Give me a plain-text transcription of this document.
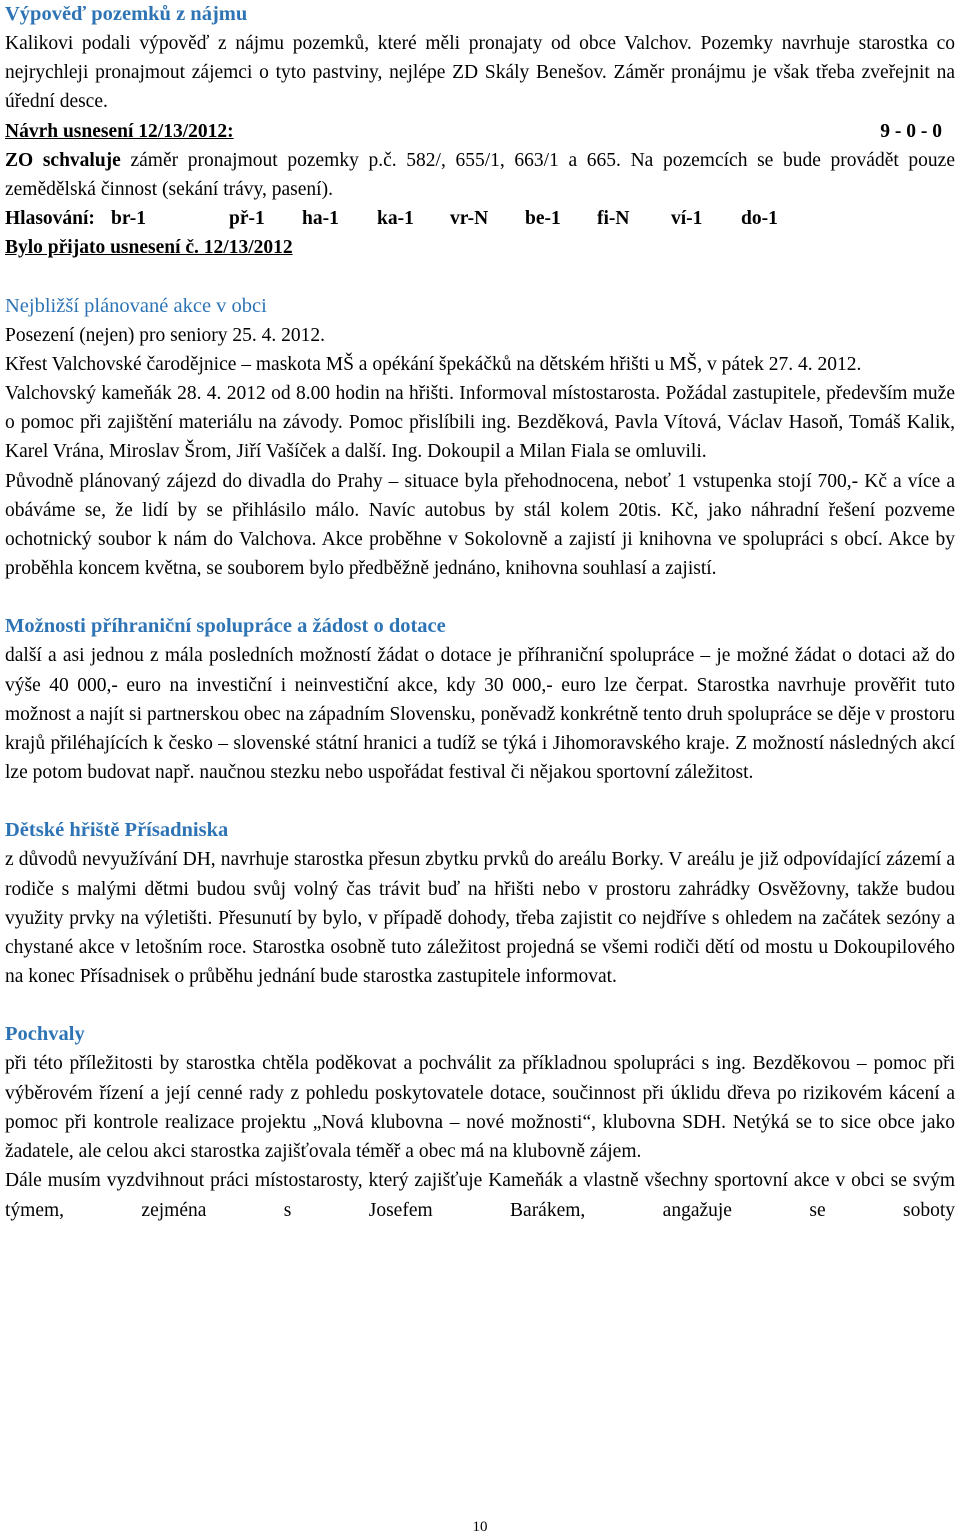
Výpověď pozemků z nájmu

Kalikovi podali výpověď z nájmu pozemků, které měli pronajaty od obce Valchov. Pozemky navrhuje starostka co nejrychleji pronajmout zájemci o tyto pastviny, nejlépe ZD Skály Benešov. Záměr pronájmu je však třeba zveřejnit na úřední desce.

Návrh usnesení 12/13/2012:	9 - 0 - 0

ZO schvaluje záměr pronajmout pozemky p.č. 582/, 655/1, 663/1 a 665. Na pozemcích se bude provádět pouze zemědělská činnost (sekání trávy, pasení).

Hlasování: br-1	př-1	ha-1	ka-1	vr-N	be-1	fi-N	ví-1	do-1

Bylo přijato usnesení č. 12/13/2012

Nejbližší plánované akce v obci

Posezení (nejen) pro seniory 25. 4. 2012.

Křest Valchovské čarodějnice – maskota MŠ a opékání špekáčků na dětském hřišti u MŠ, v pátek 27. 4. 2012.

Valchovský kameňák 28. 4. 2012 od 8.00 hodin na hřišti. Informoval místostarosta. Požádal zastupitele, především muže o pomoc při zajištění materiálu na závody. Pomoc přislíbili ing. Bezděková, Pavla Vítová, Václav Hasoň, Tomáš Kalik, Karel Vrána, Miroslav Šrom, Jiří Vašíček a další. Ing. Dokoupil a Milan Fiala se omluvili.

Původně plánovaný zájezd do divadla do Prahy – situace byla přehodnocena, neboť 1 vstupenka stojí 700,- Kč a více a obáváme se, že lidí by se přihlásilo málo. Navíc autobus by stál kolem 20tis. Kč, jako náhradní řešení pozveme ochotnický soubor k nám do Valchova. Akce proběhne v Sokolovně a zajistí ji knihovna ve spolupráci s obcí. Akce by proběhla koncem května, se souborem bylo předběžně jednáno, knihovna souhlasí a zajistí.

Možnosti příhraniční spolupráce a žádost o dotace

další a asi jednou z mála posledních možností žádat o dotace je příhraniční spolupráce – je možné žádat o dotaci až do výše 40 000,- euro na investiční i neinvestiční akce, kdy 30 000,- euro lze čerpat. Starostka navrhuje prověřit tuto možnost a najít si partnerskou obec na západním Slovensku, poněvadž konkrétně tento druh spolupráce se děje v prostoru krajů přiléhajících k česko – slovenské státní hranici a tudíž se týká i Jihomoravského kraje. Z možností následných akcí lze potom budovat např. naučnou stezku nebo uspořádat festival či nějakou sportovní záležitost.

Dětské hřiště Přísadniska

z důvodů nevyužívání DH, navrhuje starostka přesun zbytku prvků do areálu Borky. V areálu je již odpovídající zázemí a rodiče s malými dětmi budou svůj volný čas trávit buď na hřišti nebo v prostoru zahrádky Osvěžovny, takže budou využity prvky na výletišti. Přesunutí by bylo, v případě dohody, třeba zajistit co nejdříve s ohledem na začátek sezóny a chystané akce v letošním roce. Starostka osobně tuto záležitost projedná se všemi rodiči dětí od mostu u Dokoupilového na konec Přísadnisek o průběhu jednání bude starostka zastupitele informovat.

Pochvaly

při této příležitosti by starostka chtěla poděkovat a pochválit za příkladnou spolupráci s ing. Bezděkovou – pomoc při výběrovém řízení a její cenné rady z pohledu poskytovatele dotace, součinnost při úklidu dřeva po rizikovém kácení a pomoc při kontrole realizace projektu „Nová klubovna – nové možnosti“, klubovna SDH. Netýká se to sice obce jako žadatele, ale celou akci starostka zajišťovala téměř a obec má na klubovně zájem.

Dále musím vyzdvihnout práci místostarosty, který zajišťuje Kameňák a vlastně všechny sportovní akce v obci se svým týmem, zejména s Josefem Barákem, angažuje se soboty

10
